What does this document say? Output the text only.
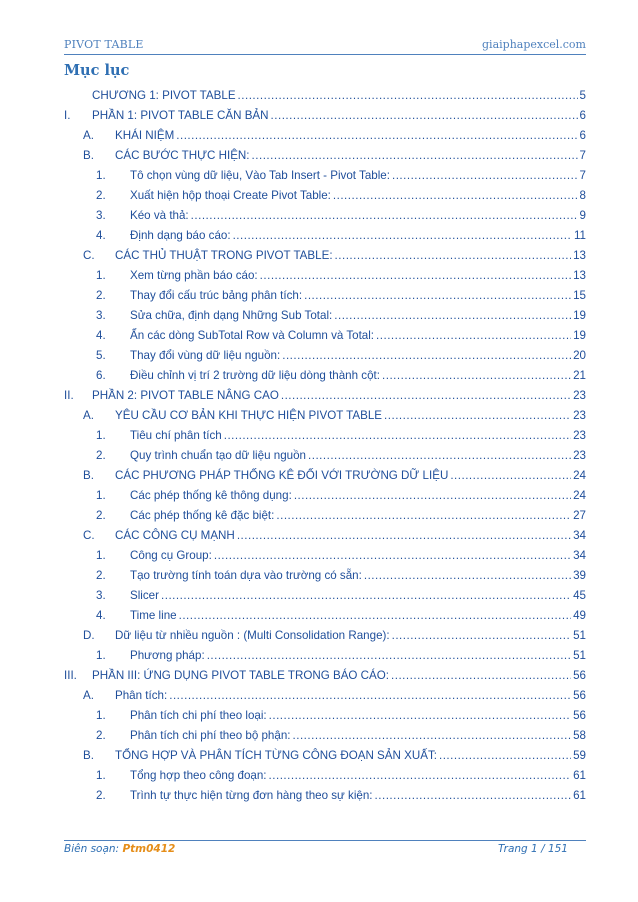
PIVOT TABLE	giaiphapexcel.com
Mục lục
CHƯƠNG 1: PIVOT TABLE .....	5
I. PHẦN 1: PIVOT TABLE CĂN BẢN .....	6
A. KHÁI NIỆM .....	6
B. CÁC BƯỚC THỰC HIỆN: .....	7
1. Tô chọn vùng dữ liệu, Vào Tab Insert - Pivot Table: .....	7
2. Xuất hiện hộp thoại Create Pivot Table: .....	8
3. Kéo và thả: .....	9
4. Định dạng báo cáo: .....	11
C. CÁC THỦ THUẬT TRONG PIVOT TABLE: .....	13
1. Xem từng phần báo cáo: .....	13
2. Thay đổi cấu trúc bảng phân tích: .....	15
3. Sửa chữa, định dạng Những Sub Total: .....	19
4. Ẩn các dòng SubTotal Row và Column và Total: .....	19
5. Thay đổi vùng dữ liệu nguồn: .....	20
6. Điều chỉnh vị trí 2 trường dữ liệu dòng thành cột: .....	21
II. PHẦN 2: PIVOT TABLE NÂNG CAO .....	23
A. YÊU CẦU CƠ BẢN KHI THỰC HIỆN PIVOT TABLE .....	23
1. Tiêu chí phân tích .....	23
2. Quy trình chuẩn tạo dữ liệu nguồn .....	23
B. CÁC PHƯƠNG PHÁP THỐNG KÊ ĐỐI VỚI TRƯỜNG DỮ LIỆU .....	24
1. Các phép thống kê thông dụng: .....	24
2. Các phép thống kê đặc biệt: .....	27
C. CÁC CÔNG CỤ MẠNH .....	34
1. Công cụ Group: .....	34
2. Tạo trường tính toán dựa vào trường có sẵn: .....	39
3. Slicer .....	45
4. Time line .....	49
D. Dữ liệu từ nhiều nguồn : (Multi Consolidation Range): .....	51
1. Phương pháp: .....	51
III. PHẦN III: ỨNG DỤNG PIVOT TABLE TRONG BÁO CÁO: .....	56
A. Phân tích: .....	56
1. Phân tích chi phí theo loại: .....	56
2. Phân tích chi phí theo bộ phận: .....	58
B. TỔNG HỢP VÀ PHÂN TÍCH TỪNG CÔNG ĐOẠN SẢN XUẤT: .....	59
1. Tổng hợp theo công đoạn: .....	61
2. Trình tự thực hiện từng đơn hàng theo sự kiện: .....	61
Biên soạn: Ptm0412	Trang 1 / 151
